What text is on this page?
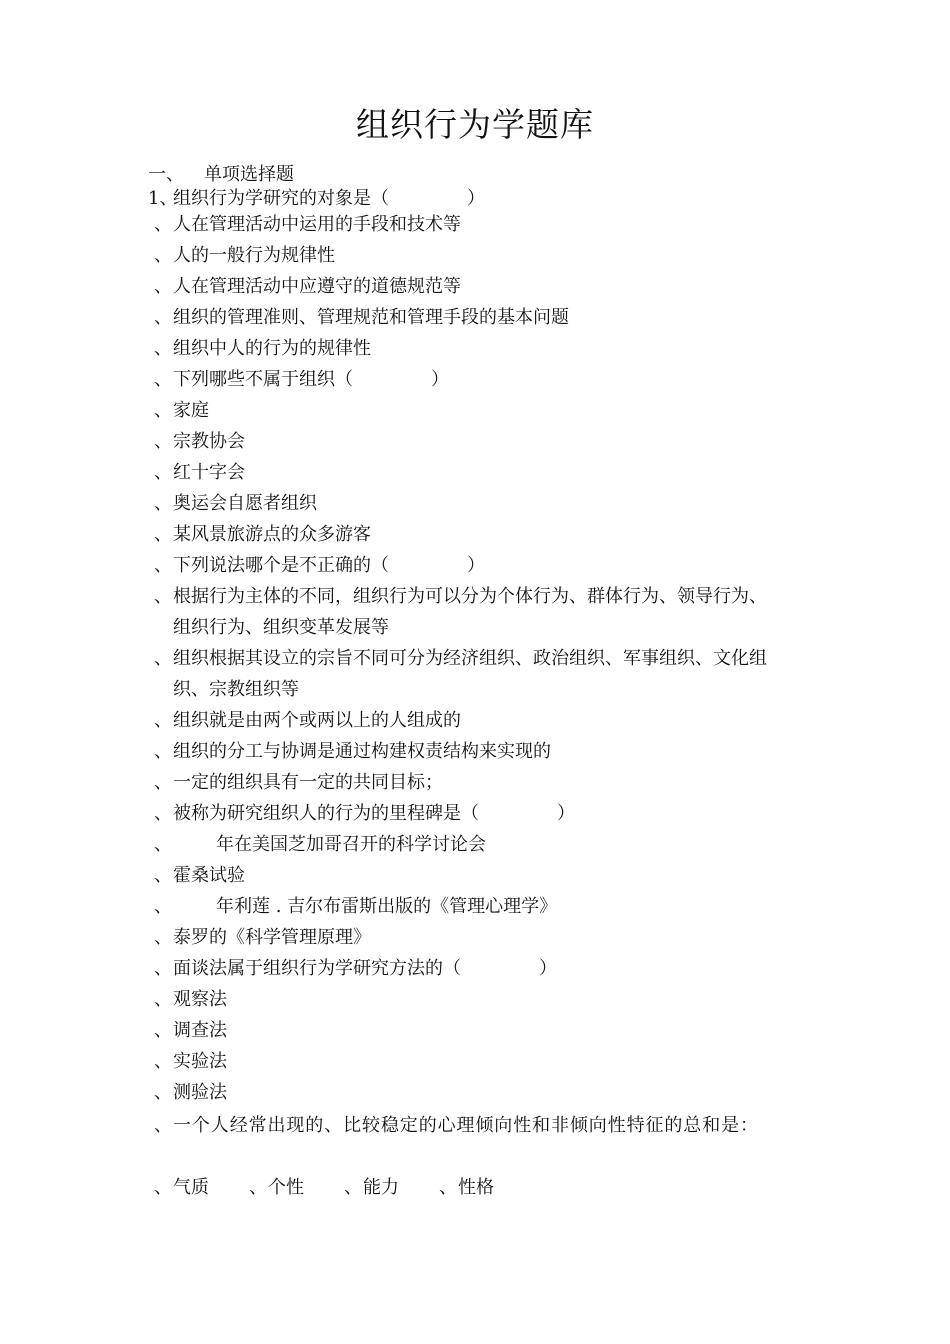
组织行为学题库
一、 单项选择题
1、组织行为学研究的对象是（	）
、人在管理活动中运用的手段和技术等
、人的一般行为规律性
、人在管理活动中应遵守的道德规范等
、组织的管理准则、管理规范和管理手段的基本问题
、组织中人的行为的规律性
、下列哪些不属于组织（	）
、家庭
、宗教协会
、红十字会
、奥运会自愿者组织
、某风景旅游点的众多游客
、下列说法哪个是不正确的（	）
、根据行为主体的不同，组织行为可以分为个体行为、群体行为、领导行为、
组织行为、组织变革发展等
、组织根据其设立的宗旨不同可分为经济组织、政治组织、军事组织、文化组
织、宗教组织等
、组织就是由两个或两以上的人组成的
、组织的分工与协调是通过构建权责结构来实现的
、一定的组织具有一定的共同目标；
、被称为研究组织人的行为的里程碑是（	）
、 年在美国芝加哥召开的科学讨论会
、霍桑试验
、 年利莲 . 吉尔布雷斯出版的《管理心理学》
、泰罗的《科学管理原理》
、面谈法属于组织行为学研究方法的（	）
、观察法
、调查法
、实验法
、测验法
、一个人经常出现的、比较稳定的心理倾向性和非倾向性特征的总和是：
、气质 、个性 、能力 、性格
